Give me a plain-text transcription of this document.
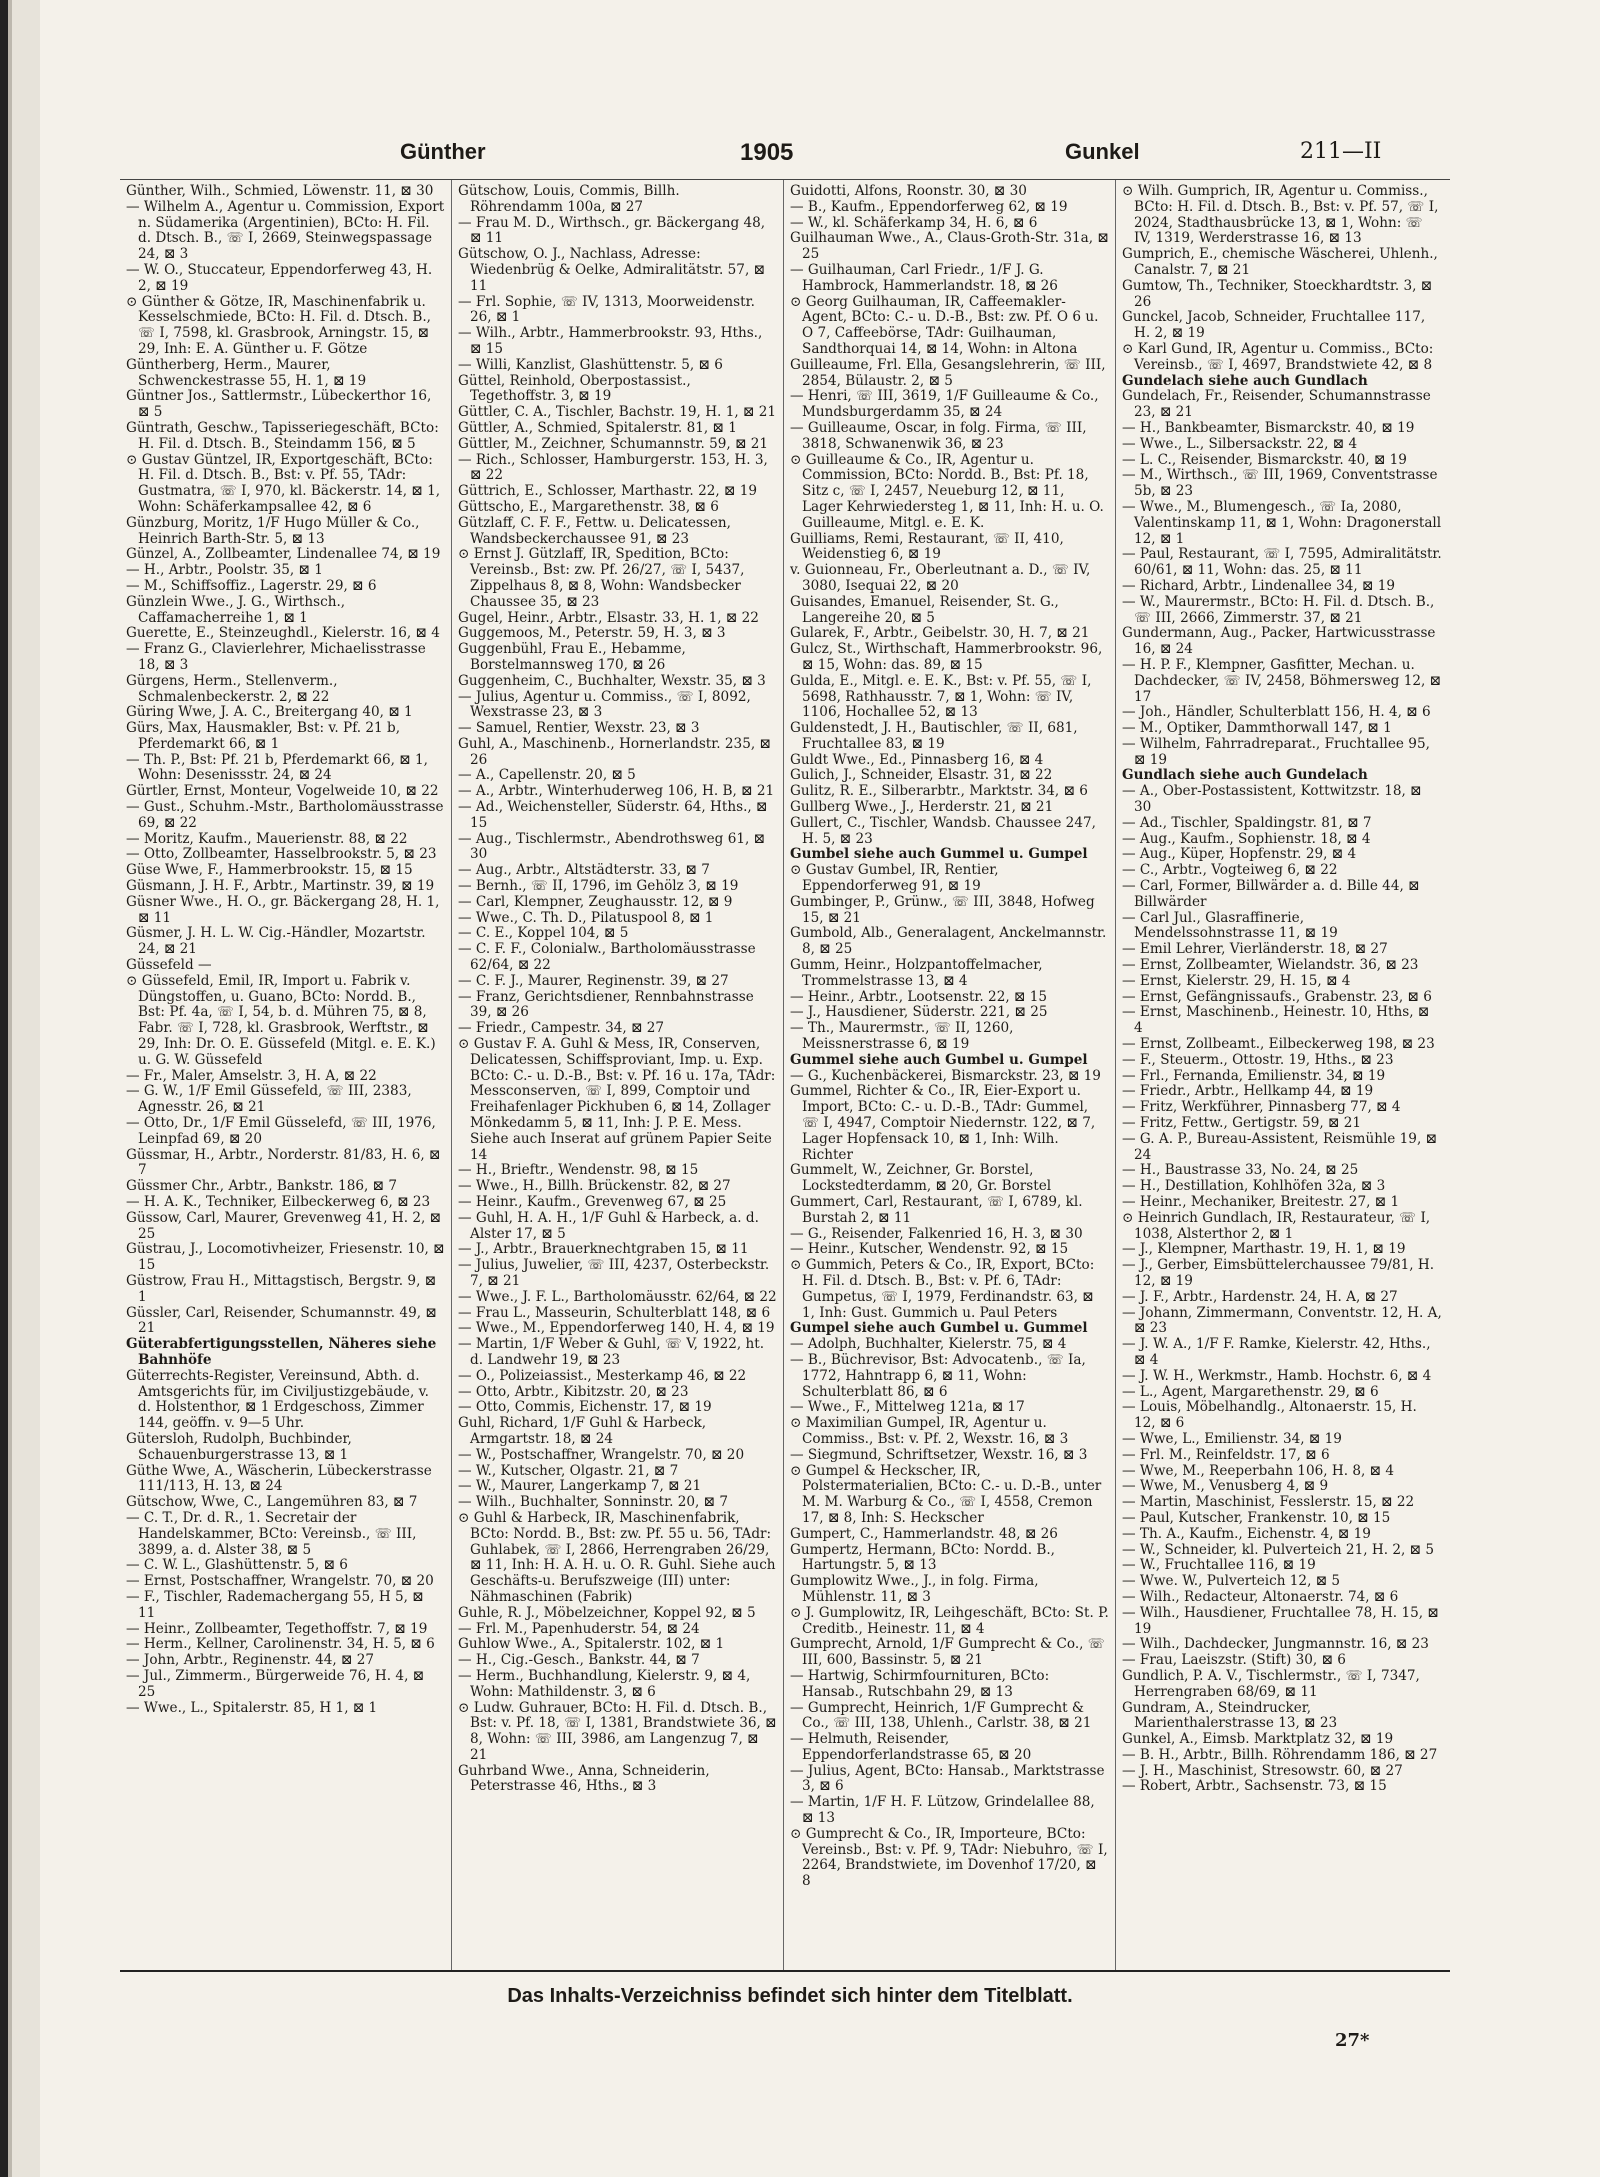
Günther	1905	Gunkel	211—II

Günther, Wilh., Schmied, Löwenstr. 11, ⊠ 30

— Wilhelm A., Agentur u. Commission, Export n. Südamerika (Argentinien), BCto: H. Fil. d. Dtsch. B., ☏ I, 2669, Steinwegspassage 24, ⊠ 3

— W. O., Stuccateur, Eppendorferweg 43, H. 2, ⊠ 19

⊙ Günther & Götze, IR, Maschinenfabrik u. Kesselschmiede, BCto: H. Fil. d. Dtsch. B., ☏ I, 7598, kl. Grasbrook, Arningstr. 15, ⊠ 29, Inh: E. A. Günther u. F. Götze

Güntherberg, Herm., Maurer, Schwenckestrasse 55, H. 1, ⊠ 19

Güntner Jos., Sattlermstr., Lübeckerthor 16, ⊠ 5

Güntrath, Geschw., Tapisseriegeschäft, BCto: H. Fil. d. Dtsch. B., Steindamm 156, ⊠ 5

⊙ Gustav Güntzel, IR, Exportgeschäft, BCto: H. Fil. d. Dtsch. B., Bst: v. Pf. 55, TAdr: Gustmatra, ☏ I, 970, kl. Bäckerstr. 14, ⊠ 1, Wohn: Schäferkampsallee 42, ⊠ 6

Günzburg, Moritz, 1/F Hugo Müller & Co., Heinrich Barth-Str. 5, ⊠ 13

Günzel, A., Zollbeamter, Lindenallee 74, ⊠ 19

— H., Arbtr., Poolstr. 35, ⊠ 1

— M., Schiffsoffiz., Lagerstr. 29, ⊠ 6

Günzlein Wwe., J. G., Wirthsch., Caffamacherreihe 1, ⊠ 1

Guerette, E., Steinzeughdl., Kielerstr. 16, ⊠ 4

— Franz G., Clavierlehrer, Michaelisstrasse 18, ⊠ 3

Gürgens, Herm., Stellenverm., Schmalenbeckerstr. 2, ⊠ 22

Güring Wwe, J. A. C., Breitergang 40, ⊠ 1

Gürs, Max, Hausmakler, Bst: v. Pf. 21 b, Pferdemarkt 66, ⊠ 1

— Th. P., Bst: Pf. 21 b, Pferdemarkt 66, ⊠ 1, Wohn: Desenissstr. 24, ⊠ 24

Gürtler, Ernst, Monteur, Vogelweide 10, ⊠ 22

— Gust., Schuhm.-Mstr., Bartholomäusstrasse 69, ⊠ 22

— Moritz, Kaufm., Mauerienstr. 88, ⊠ 22

— Otto, Zollbeamter, Hasselbrookstr. 5, ⊠ 23

Güse Wwe, F., Hammerbrookstr. 15, ⊠ 15

Güsmann, J. H. F., Arbtr., Martinstr. 39, ⊠ 19

Güsner Wwe., H. O., gr. Bäckergang 28, H. 1, ⊠ 11

Güsmer, J. H. L. W. Cig.-Händler, Mozartstr. 24, ⊠ 21

Güssefeld —

⊙ Güssefeld, Emil, IR, Import u. Fabrik v. Düngstoffen, u. Guano, BCto: Nordd. B., Bst: Pf. 4a, ☏ I, 54, b. d. Mühren 75, ⊠ 8, Fabr. ☏ I, 728, kl. Grasbrook, Werftstr., ⊠ 29, Inh: Dr. O. E. Güssefeld (Mitgl. e. E. K.) u. G. W. Güssefeld

— Fr., Maler, Amselstr. 3, H. A, ⊠ 22

— G. W., 1/F Emil Güssefeld, ☏ III, 2383, Agnesstr. 26, ⊠ 21

— Otto, Dr., 1/F Emil Güsselefd, ☏ III, 1976, Leinpfad 69, ⊠ 20

Güssmar, H., Arbtr., Norderstr. 81/83, H. 6, ⊠ 7

Güssmer Chr., Arbtr., Bankstr. 186, ⊠ 7

— H. A. K., Techniker, Eilbeckerweg 6, ⊠ 23

Güssow, Carl, Maurer, Grevenweg 41, H. 2, ⊠ 25

Güstrau, J., Locomotivheizer, Friesenstr. 10, ⊠ 15

Güstrow, Frau H., Mittagstisch, Bergstr. 9, ⊠ 1

Güssler, Carl, Reisender, Schumannstr. 49, ⊠ 21

Güterabfertigungsstellen, Näheres siehe Bahnhöfe

Güterrechts-Register, Vereinsund, Abth. d. Amtsgerichts für, im Civiljustizgebäude, v. d. Holstenthor, ⊠ 1 Erdgeschoss, Zimmer 144, geöffn. v. 9—5 Uhr.

Gütersloh, Rudolph, Buchbinder, Schauenburgerstrasse 13, ⊠ 1

Güthe Wwe, A., Wäscherin, Lübeckerstrasse 111/113, H. 13, ⊠ 24

Gütschow, Wwe, C., Langemühren 83, ⊠ 7

— C. T., Dr. d. R., 1. Secretair der Handelskammer, BCto: Vereinsb., ☏ III, 3899, a. d. Alster 38, ⊠ 5

— C. W. L., Glashüttenstr. 5, ⊠ 6

— Ernst, Postschaffner, Wrangelstr. 70, ⊠ 20

— F., Tischler, Rademachergang 55, H 5, ⊠ 11

— Heinr., Zollbeamter, Tegethoffstr. 7, ⊠ 19

— Herm., Kellner, Carolinenstr. 34, H. 5, ⊠ 6

— John, Arbtr., Reginenstr. 44, ⊠ 27

— Jul., Zimmerm., Bürgerweide 76, H. 4, ⊠ 25

— Wwe., L., Spitalerstr. 85, H 1, ⊠ 1

Gütschow, Louis, Commis, Billh. Röhrendamm 100a, ⊠ 27

— Frau M. D., Wirthsch., gr. Bäckergang 48, ⊠ 11

Gütschow, O. J., Nachlass, Adresse: Wiedenbrüg & Oelke, Admiralitätstr. 57, ⊠ 11

— Frl. Sophie, ☏ IV, 1313, Moorweidenstr. 26, ⊠ 1

— Wilh., Arbtr., Hammerbrookstr. 93, Hths., ⊠ 15

— Willi, Kanzlist, Glashüttenstr. 5, ⊠ 6

Güttel, Reinhold, Oberpostassist., Tegethoffstr. 3, ⊠ 19

Güttler, C. A., Tischler, Bachstr. 19, H. 1, ⊠ 21

Güttler, A., Schmied, Spitalerstr. 81, ⊠ 1

Güttler, M., Zeichner, Schumannstr. 59, ⊠ 21

— Rich., Schlosser, Hamburgerstr. 153, H. 3, ⊠ 22

Güttrich, E., Schlosser, Marthastr. 22, ⊠ 19

Güttscho, E., Margarethenstr. 38, ⊠ 6

Gützlaff, C. F. F., Fettw. u. Delicatessen, Wandsbeckerchaussee 91, ⊠ 23

⊙ Ernst J. Gützlaff, IR, Spedition, BCto: Vereinsb., Bst: zw. Pf. 26/27, ☏ I, 5437, Zippelhaus 8, ⊠ 8, Wohn: Wandsbecker Chaussee 35, ⊠ 23

Gugel, Heinr., Arbtr., Elsastr. 33, H. 1, ⊠ 22

Guggemoos, M., Peterstr. 59, H. 3, ⊠ 3

Guggenbühl, Frau E., Hebamme, Borstelmannsweg 170, ⊠ 26

Guggenheim, C., Buchhalter, Wexstr. 35, ⊠ 3

— Julius, Agentur u. Commiss., ☏ I, 8092, Wexstrasse 23, ⊠ 3

— Samuel, Rentier, Wexstr. 23, ⊠ 3

Guhl, A., Maschinenb., Hornerlandstr. 235, ⊠ 26

— A., Capellenstr. 20, ⊠ 5

— A., Arbtr., Winterhuderweg 106, H. B, ⊠ 21

— Ad., Weichensteller, Süderstr. 64, Hths., ⊠ 15

— Aug., Tischlermstr., Abendrothsweg 61, ⊠ 30

— Aug., Arbtr., Altstädterstr. 33, ⊠ 7

— Bernh., ☏ II, 1796, im Gehölz 3, ⊠ 19

— Carl, Klempner, Zeughausstr. 12, ⊠ 9

— Wwe., C. Th. D., Pilatuspool 8, ⊠ 1

— C. E., Koppel 104, ⊠ 5

— C. F. F., Colonialw., Bartholomäusstrasse 62/64, ⊠ 22

— C. F. J., Maurer, Reginenstr. 39, ⊠ 27

— Franz, Gerichtsdiener, Rennbahnstrasse 39, ⊠ 26

— Friedr., Campestr. 34, ⊠ 27

⊙ Gustav F. A. Guhl & Mess, IR, Conserven, Delicatessen, Schiffsproviant, Imp. u. Exp. BCto: C.- u. D.-B., Bst: v. Pf. 16 u. 17a, TAdr: Messconserven, ☏ I, 899, Comptoir und Freihafenlager Pickhuben 6, ⊠ 14, Zollager Mönkedamm 5, ⊠ 11, Inh: J. P. E. Mess. Siehe auch Inserat auf grünem Papier Seite 14

— H., Brieftr., Wendenstr. 98, ⊠ 15

— Wwe., H., Billh. Brückenstr. 82, ⊠ 27

— Heinr., Kaufm., Grevenweg 67, ⊠ 25

— Guhl, H. A. H., 1/F Guhl & Harbeck, a. d. Alster 17, ⊠ 5

— J., Arbtr., Brauerknechtgraben 15, ⊠ 11

— Julius, Juwelier, ☏ III, 4237, Osterbeckstr. 7, ⊠ 21

— Wwe., J. F. L., Bartholomäusstr. 62/64, ⊠ 22

— Frau L., Masseurin, Schulterblatt 148, ⊠ 6

— Wwe., M., Eppendorferweg 140, H. 4, ⊠ 19

— Martin, 1/F Weber & Guhl, ☏ V, 1922, ht. d. Landwehr 19, ⊠ 23

— O., Polizeiassist., Mesterkamp 46, ⊠ 22

— Otto, Arbtr., Kibitzstr. 20, ⊠ 23

— Otto, Commis, Eichenstr. 17, ⊠ 19

Guhl, Richard, 1/F Guhl & Harbeck, Armgartstr. 18, ⊠ 24

— W., Postschaffner, Wrangelstr. 70, ⊠ 20

— W., Kutscher, Olgastr. 21, ⊠ 7

— W., Maurer, Langerkamp 7, ⊠ 21

— Wilh., Buchhalter, Sonninstr. 20, ⊠ 7

⊙ Guhl & Harbeck, IR, Maschinenfabrik, BCto: Nordd. B., Bst: zw. Pf. 55 u. 56, TAdr: Guhlabek, ☏ I, 2866, Herrengraben 26/29, ⊠ 11, Inh: H. A. H. u. O. R. Guhl. Siehe auch Geschäfts-u. Berufszweige (III) unter: Nähmaschinen (Fabrik)

Guhle, R. J., Möbelzeichner, Koppel 92, ⊠ 5

— Frl. M., Papenhuderstr. 54, ⊠ 24

Guhlow Wwe., A., Spitalerstr. 102, ⊠ 1

— H., Cig.-Gesch., Bankstr. 44, ⊠ 7

— Herm., Buchhandlung, Kielerstr. 9, ⊠ 4, Wohn: Mathildenstr. 3, ⊠ 6

⊙ Ludw. Guhrauer, BCto: H. Fil. d. Dtsch. B., Bst: v. Pf. 18, ☏ I, 1381, Brandstwiete 36, ⊠ 8, Wohn: ☏ III, 3986, am Langenzug 7, ⊠ 21

Guhrband Wwe., Anna, Schneiderin, Peterstrasse 46, Hths., ⊠ 3

Guidotti, Alfons, Roonstr. 30, ⊠ 30

— B., Kaufm., Eppendorferweg 62, ⊠ 19

— W., kl. Schäferkamp 34, H. 6, ⊠ 6

Guilhauman Wwe., A., Claus-Groth-Str. 31a, ⊠ 25

— Guilhauman, Carl Friedr., 1/F J. G. Hambrock, Hammerlandstr. 18, ⊠ 26

⊙ Georg Guilhauman, IR, Caffeemakler-Agent, BCto: C.- u. D.-B., Bst: zw. Pf. O 6 u. O 7, Caffeebörse, TAdr: Guilhauman, Sandthorquai 14, ⊠ 14, Wohn: in Altona

Guilleaume, Frl. Ella, Gesangslehrerin, ☏ III, 2854, Bülaustr. 2, ⊠ 5

— Henri, ☏ III, 3619, 1/F Guilleaume & Co., Mundsburgerdamm 35, ⊠ 24

— Guilleaume, Oscar, in folg. Firma, ☏ III, 3818, Schwanenwik 36, ⊠ 23

⊙ Guilleaume & Co., IR, Agentur u. Commission, BCto: Nordd. B., Bst: Pf. 18, Sitz c, ☏ I, 2457, Neueburg 12, ⊠ 11, Lager Kehrwiedersteg 1, ⊠ 11, Inh: H. u. O. Guilleaume, Mitgl. e. E. K.

Guilliams, Remi, Restaurant, ☏ II, 410, Weidenstieg 6, ⊠ 19

v. Guionneau, Fr., Oberleutnant a. D., ☏ IV, 3080, Isequai 22, ⊠ 20

Guisandes, Emanuel, Reisender, St. G., Langereihe 20, ⊠ 5

Gularek, F., Arbtr., Geibelstr. 30, H. 7, ⊠ 21

Gulcz, St., Wirthschaft, Hammerbrookstr. 96, ⊠ 15, Wohn: das. 89, ⊠ 15

Gulda, E., Mitgl. e. E. K., Bst: v. Pf. 55, ☏ I, 5698, Rathhausstr. 7, ⊠ 1, Wohn: ☏ IV, 1106, Hochallee 52, ⊠ 13

Guldenstedt, J. H., Bautischler, ☏ II, 681, Fruchtallee 83, ⊠ 19

Guldt Wwe., Ed., Pinnasberg 16, ⊠ 4

Gulich, J., Schneider, Elsastr. 31, ⊠ 22

Gulitz, R. E., Silberarbtr., Marktstr. 34, ⊠ 6

Gullberg Wwe., J., Herderstr. 21, ⊠ 21

Gullert, C., Tischler, Wandsb. Chaussee 247, H. 5, ⊠ 23

Gumbel siehe auch Gummel u. Gumpel

⊙ Gustav Gumbel, IR, Rentier, Eppendorferweg 91, ⊠ 19

Gumbinger, P., Grünw., ☏ III, 3848, Hofweg 15, ⊠ 21

Gumbold, Alb., Generalagent, Anckelmannstr. 8, ⊠ 25

Gumm, Heinr., Holzpantoffelmacher, Trommelstrasse 13, ⊠ 4

— Heinr., Arbtr., Lootsenstr. 22, ⊠ 15

— J., Hausdiener, Süderstr. 221, ⊠ 25

— Th., Maurermstr., ☏ II, 1260, Meissnerstrasse 6, ⊠ 19

Gummel siehe auch Gumbel u. Gumpel

— G., Kuchenbäckerei, Bismarckstr. 23, ⊠ 19

Gummel, Richter & Co., IR, Eier-Export u. Import, BCto: C.- u. D.-B., TAdr: Gummel, ☏ I, 4947, Comptoir Niedernstr. 122, ⊠ 7, Lager Hopfensack 10, ⊠ 1, Inh: Wilh. Richter

Gummelt, W., Zeichner, Gr. Borstel, Lockstedterdamm, ⊠ 20, Gr. Borstel

Gummert, Carl, Restaurant, ☏ I, 6789, kl. Burstah 2, ⊠ 11

— G., Reisender, Falkenried 16, H. 3, ⊠ 30

— Heinr., Kutscher, Wendenstr. 92, ⊠ 15

⊙ Gummich, Peters & Co., IR, Export, BCto: H. Fil. d. Dtsch. B., Bst: v. Pf. 6, TAdr: Gumpetus, ☏ I, 1979, Ferdinandstr. 63, ⊠ 1, Inh: Gust. Gummich u. Paul Peters

Gumpel siehe auch Gumbel u. Gummel

— Adolph, Buchhalter, Kielerstr. 75, ⊠ 4

— B., Büchrevisor, Bst: Advocatenb., ☏ Ia, 1772, Hahntrapp 6, ⊠ 11, Wohn: Schulterblatt 86, ⊠ 6

— Wwe., F., Mittelweg 121a, ⊠ 17

⊙ Maximilian Gumpel, IR, Agentur u. Commiss., Bst: v. Pf. 2, Wexstr. 16, ⊠ 3

— Siegmund, Schriftsetzer, Wexstr. 16, ⊠ 3

⊙ Gumpel & Heckscher, IR, Polstermaterialien, BCto: C.- u. D.-B., unter M. M. Warburg & Co., ☏ I, 4558, Cremon 17, ⊠ 8, Inh: S. Heckscher

Gumpert, C., Hammerlandstr. 48, ⊠ 26

Gumpertz, Hermann, BCto: Nordd. B., Hartungstr. 5, ⊠ 13

Gumplowitz Wwe., J., in folg. Firma, Mühlenstr. 11, ⊠ 3

⊙ J. Gumplowitz, IR, Leihgeschäft, BCto: St. P. Creditb., Heinestr. 11, ⊠ 4

Gumprecht, Arnold, 1/F Gumprecht & Co., ☏ III, 600, Bassinstr. 5, ⊠ 21

— Hartwig, Schirmfournituren, BCto: Hansab., Rutschbahn 29, ⊠ 13

— Gumprecht, Heinrich, 1/F Gumprecht & Co., ☏ III, 138, Uhlenh., Carlstr. 38, ⊠ 21

— Helmuth, Reisender, Eppendorferlandstrasse 65, ⊠ 20

— Julius, Agent, BCto: Hansab., Marktstrasse 3, ⊠ 6

— Martin, 1/F H. F. Lützow, Grindelallee 88, ⊠ 13

⊙ Gumprecht & Co., IR, Importeure, BCto: Vereinsb., Bst: v. Pf. 9, TAdr: Niebuhro, ☏ I, 2264, Brandstwiete, im Dovenhof 17/20, ⊠ 8

⊙ Wilh. Gumprich, IR, Agentur u. Commiss., BCto: H. Fil. d. Dtsch. B., Bst: v. Pf. 57, ☏ I, 2024, Stadthausbrücke 13, ⊠ 1, Wohn: ☏ IV, 1319, Werderstrasse 16, ⊠ 13

Gumprich, E., chemische Wäscherei, Uhlenh., Canalstr. 7, ⊠ 21

Gumtow, Th., Techniker, Stoeckhardtstr. 3, ⊠ 26

Gunckel, Jacob, Schneider, Fruchtallee 117, H. 2, ⊠ 19

⊙ Karl Gund, IR, Agentur u. Commiss., BCto: Vereinsb., ☏ I, 4697, Brandstwiete 42, ⊠ 8

Gundelach siehe auch Gundlach

Gundelach, Fr., Reisender, Schumannstrasse 23, ⊠ 21

— H., Bankbeamter, Bismarckstr. 40, ⊠ 19

— Wwe., L., Silbersackstr. 22, ⊠ 4

— L. C., Reisender, Bismarckstr. 40, ⊠ 19

— M., Wirthsch., ☏ III, 1969, Conventstrasse 5b, ⊠ 23

— Wwe., M., Blumengesch., ☏ Ia, 2080, Valentinskamp 11, ⊠ 1, Wohn: Dragonerstall 12, ⊠ 1

— Paul, Restaurant, ☏ I, 7595, Admiralitätstr. 60/61, ⊠ 11, Wohn: das. 25, ⊠ 11

— Richard, Arbtr., Lindenallee 34, ⊠ 19

— W., Maurermstr., BCto: H. Fil. d. Dtsch. B., ☏ III, 2666, Zimmerstr. 37, ⊠ 21

Gundermann, Aug., Packer, Hartwicusstrasse 16, ⊠ 24

— H. P. F., Klempner, Gasfitter, Mechan. u. Dachdecker, ☏ IV, 2458, Böhmersweg 12, ⊠ 17

— Joh., Händler, Schulterblatt 156, H. 4, ⊠ 6

— M., Optiker, Dammthorwall 147, ⊠ 1

— Wilhelm, Fahrradreparat., Fruchtallee 95, ⊠ 19

Gundlach siehe auch Gundelach

— A., Ober-Postassistent, Kottwitzstr. 18, ⊠ 30

— Ad., Tischler, Spaldingstr. 81, ⊠ 7

— Aug., Kaufm., Sophienstr. 18, ⊠ 4

— Aug., Küper, Hopfenstr. 29, ⊠ 4

— C., Arbtr., Vogteiweg 6, ⊠ 22

— Carl, Former, Billwärder a. d. Bille 44, ⊠ Billwärder

— Carl Jul., Glasraffinerie, Mendelssohnstrasse 11, ⊠ 19

— Emil Lehrer, Vierländerstr. 18, ⊠ 27

— Ernst, Zollbeamter, Wielandstr. 36, ⊠ 23

— Ernst, Kielerstr. 29, H. 15, ⊠ 4

— Ernst, Gefängnissaufs., Grabenstr. 23, ⊠ 6

— Ernst, Maschinenb., Heinestr. 10, Hths, ⊠ 4

— Ernst, Zollbeamt., Eilbeckerweg 198, ⊠ 23

— F., Steuerm., Ottostr. 19, Hths., ⊠ 23

— Frl., Fernanda, Emilienstr. 34, ⊠ 19

— Friedr., Arbtr., Hellkamp 44, ⊠ 19

— Fritz, Werkführer, Pinnasberg 77, ⊠ 4

— Fritz, Fettw., Gertigstr. 59, ⊠ 21

— G. A. P., Bureau-Assistent, Reismühle 19, ⊠ 24

— H., Baustrasse 33, No. 24, ⊠ 25

— H., Destillation, Kohlhöfen 32a, ⊠ 3

— Heinr., Mechaniker, Breitestr. 27, ⊠ 1

⊙ Heinrich Gundlach, IR, Restaurateur, ☏ I, 1038, Alsterthor 2, ⊠ 1

— J., Klempner, Marthastr. 19, H. 1, ⊠ 19

— J., Gerber, Eimsbüttelerchaussee 79/81, H. 12, ⊠ 19

— J. F., Arbtr., Hardenstr. 24, H. A, ⊠ 27

— Johann, Zimmermann, Conventstr. 12, H. A, ⊠ 23

— J. W. A., 1/F F. Ramke, Kielerstr. 42, Hths., ⊠ 4

— J. W. H., Werkmstr., Hamb. Hochstr. 6, ⊠ 4

— L., Agent, Margarethenstr. 29, ⊠ 6

— Louis, Möbelhandlg., Altonaerstr. 15, H. 12, ⊠ 6

— Wwe, L., Emilienstr. 34, ⊠ 19

— Frl. M., Reinfeldstr. 17, ⊠ 6

— Wwe, M., Reeperbahn 106, H. 8, ⊠ 4

— Wwe, M., Venusberg 4, ⊠ 9

— Martin, Maschinist, Fesslerstr. 15, ⊠ 22

— Paul, Kutscher, Frankenstr. 10, ⊠ 15

— Th. A., Kaufm., Eichenstr. 4, ⊠ 19

— W., Schneider, kl. Pulverteich 21, H. 2, ⊠ 5

— W., Fruchtallee 116, ⊠ 19

— Wwe. W., Pulverteich 12, ⊠ 5

— Wilh., Redacteur, Altonaerstr. 74, ⊠ 6

— Wilh., Hausdiener, Fruchtallee 78, H. 15, ⊠ 19

— Wilh., Dachdecker, Jungmannstr. 16, ⊠ 23

— Frau, Laeiszstr. (Stift) 30, ⊠ 6

Gundlich, P. A. V., Tischlermstr., ☏ I, 7347, Herrengraben 68/69, ⊠ 11

Gundram, A., Steindrucker, Marienthalerstrasse 13, ⊠ 23

Gunkel, A., Eimsb. Marktplatz 32, ⊠ 19

— B. H., Arbtr., Billh. Röhrendamm 186, ⊠ 27

— J. H., Maschinist, Stresowstr. 60, ⊠ 27

— Robert, Arbtr., Sachsenstr. 73, ⊠ 15

Das Inhalts-Verzeichniss befindet sich hinter dem Titelblatt.
27*
